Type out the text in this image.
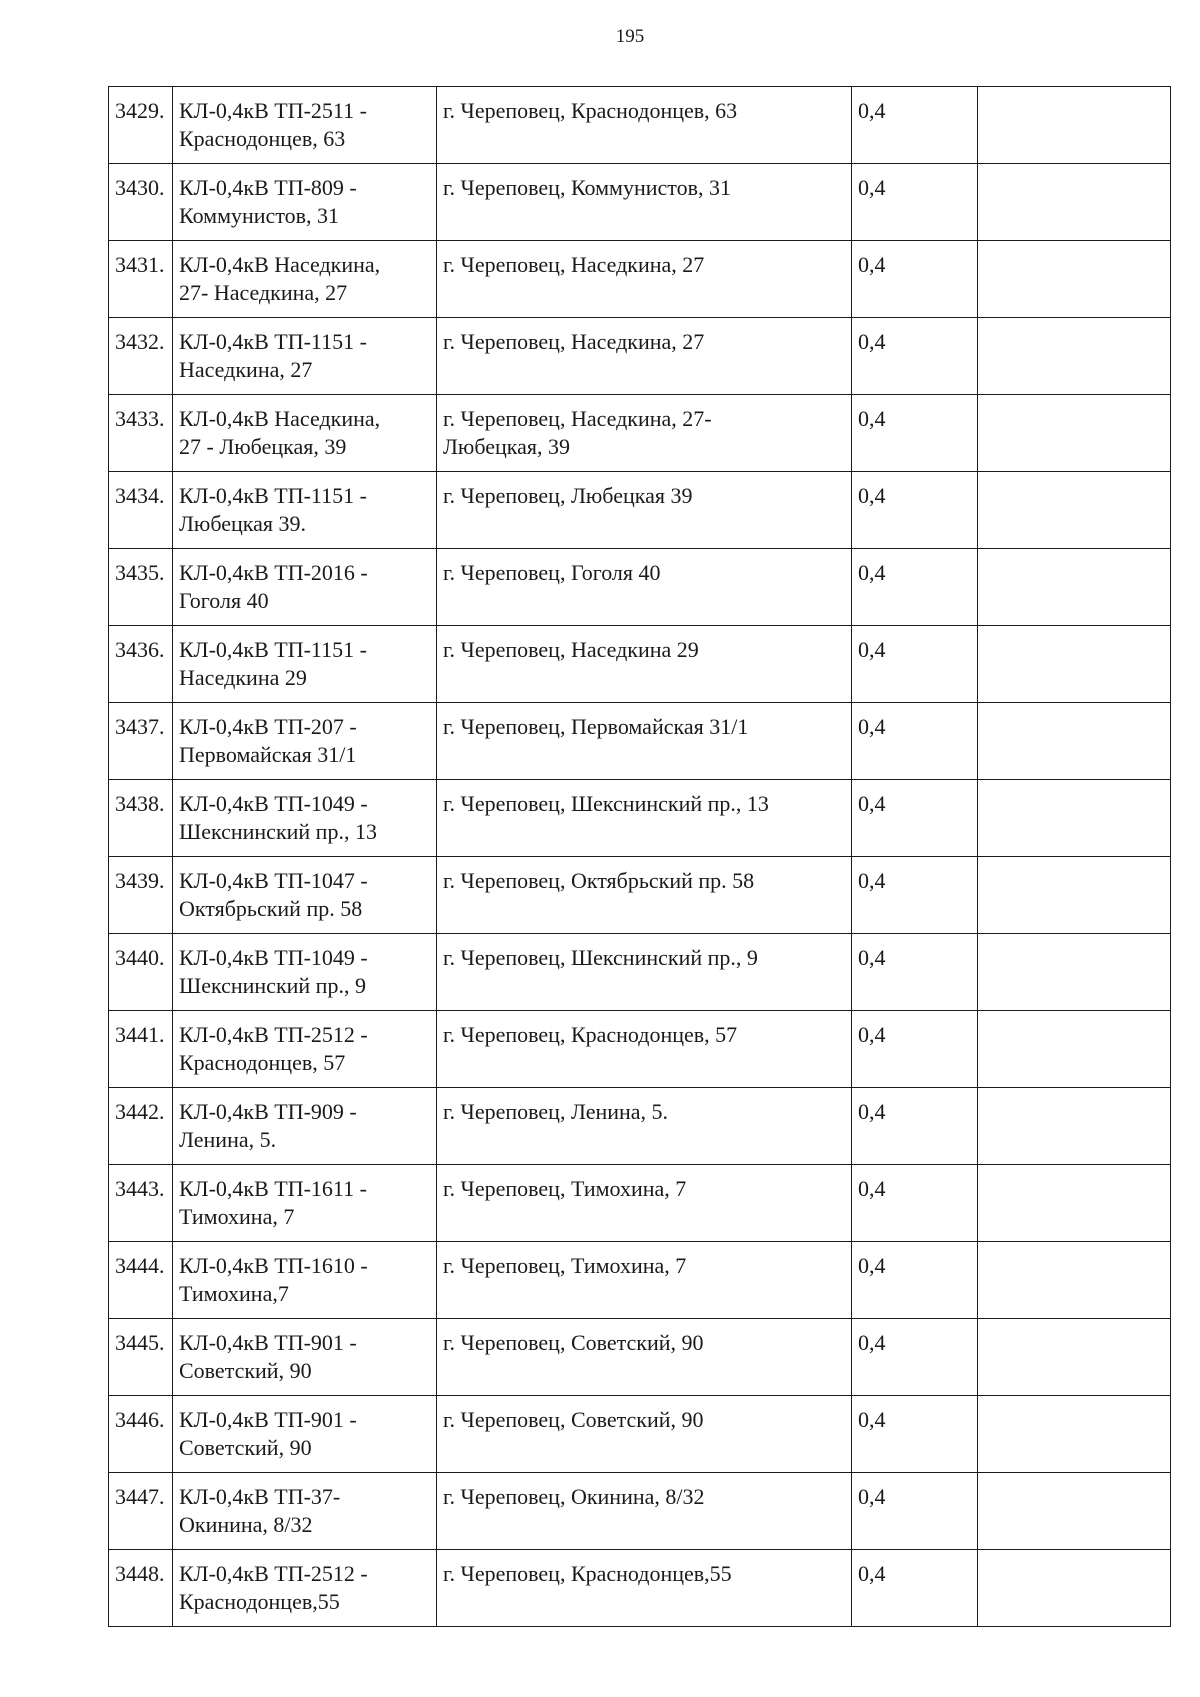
195
3429.	КЛ-0,4кВ ТП-2511 -
Краснодонцев, 63	г. Череповец, Краснодонцев, 63	0,4	

3430.	КЛ-0,4кВ ТП-809 -
Коммунистов, 31	г. Череповец, Коммунистов, 31	0,4	

3431.	КЛ-0,4кВ Наседкина,
27- Наседкина, 27	г. Череповец, Наседкина, 27	0,4	

3432.	КЛ-0,4кВ ТП-1151 -
Наседкина, 27	г. Череповец, Наседкина, 27	0,4	

3433.	КЛ-0,4кВ Наседкина,
27 - Любецкая, 39	г. Череповец, Наседкина, 27-
Любецкая, 39	0,4	

3434.	КЛ-0,4кВ ТП-1151 -
Любецкая 39.	г. Череповец, Любецкая 39	0,4	

3435.	КЛ-0,4кВ ТП-2016 -
Гоголя 40	г. Череповец, Гоголя 40	0,4	

3436.	КЛ-0,4кВ ТП-1151 -
Наседкина 29	г. Череповец, Наседкина 29	0,4	

3437.	КЛ-0,4кВ ТП-207 -
Первомайская 31/1	г. Череповец, Первомайская 31/1	0,4	

3438.	КЛ-0,4кВ ТП-1049 -
Шекснинский пр., 13	г. Череповец, Шекснинский пр., 13	0,4	

3439.	КЛ-0,4кВ ТП-1047 -
Октябрьский пр. 58	г. Череповец, Октябрьский пр. 58	0,4	

3440.	КЛ-0,4кВ ТП-1049 -
Шекснинский пр., 9	г. Череповец, Шекснинский пр., 9	0,4	

3441.	КЛ-0,4кВ ТП-2512 -
Краснодонцев, 57	г. Череповец, Краснодонцев, 57	0,4	

3442.	КЛ-0,4кВ ТП-909 -
Ленина, 5.	г. Череповец, Ленина, 5.	0,4	

3443.	КЛ-0,4кВ ТП-1611 -
Тимохина, 7	г. Череповец, Тимохина, 7	0,4	

3444.	КЛ-0,4кВ ТП-1610 -
Тимохина,7	г. Череповец, Тимохина, 7	0,4	

3445.	КЛ-0,4кВ ТП-901 -
Советский, 90	г. Череповец, Советский, 90	0,4	

3446.	КЛ-0,4кВ ТП-901 -
Советский, 90	г. Череповец, Советский, 90	0,4	

3447.	КЛ-0,4кВ ТП-37-
Окинина, 8/32	г. Череповец, Окинина, 8/32	0,4	

3448.	КЛ-0,4кВ ТП-2512 -
Краснодонцев,55	г. Череповец, Краснодонцев,55	0,4	
